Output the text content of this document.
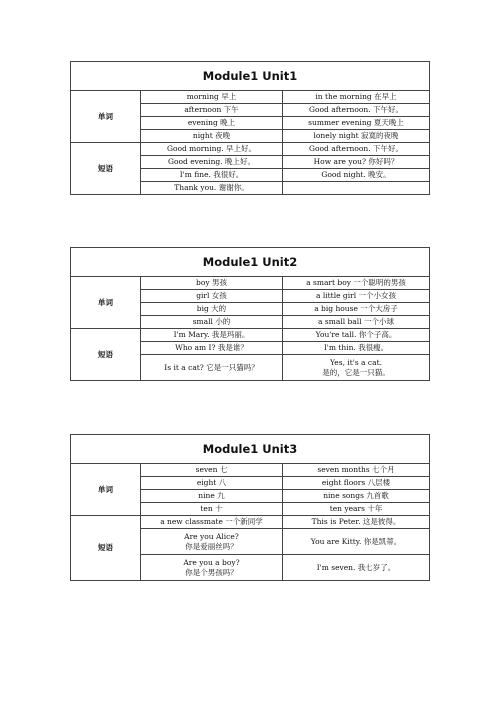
Module1 Unit1		
单词	morning 早上	in the morning 在早上
	afternoon 下午	Good afternoon. 下午好。
	evening 晚上	summer evening 夏天晚上
	night 夜晚	lonely night 寂寞的夜晚
短语	Good morning. 早上好。	Good afternoon. 下午好。
	Good evening. 晚上好。	How are you? 你好吗？
	I'm fine. 我很好。	Good night. 晚安。
	Thank you. 谢谢你。	
Module1 Unit2		
单词	boy 男孩	a smart boy 一个聪明的男孩
	girl 女孩	a little girl 一个小女孩
	big 大的	a big house 一个大房子
	small 小的	a small ball 一个小球
短语	I'm Mary. 我是玛丽。	You're tall. 你个子高。
	Who am I? 我是谁？	I'm thin. 我很瘦。
	Is it a cat? 它是一只猫吗？	Yes, it's a cat.
是的，它是一只猫。
Module1 Unit3		
单词	seven 七	seven months 七个月
	eight 八	eight floors 八层楼
	nine 九	nine songs 九首歌
	ten 十	ten years 十年
短语	a new classmate 一个新同学	This is Peter. 这是彼得。

	Are you Alice?
你是爱丽丝吗？	You are Kitty. 你是凯蒂。

	Are you a boy?
你是个男孩吗？	I'm seven. 我七岁了。
